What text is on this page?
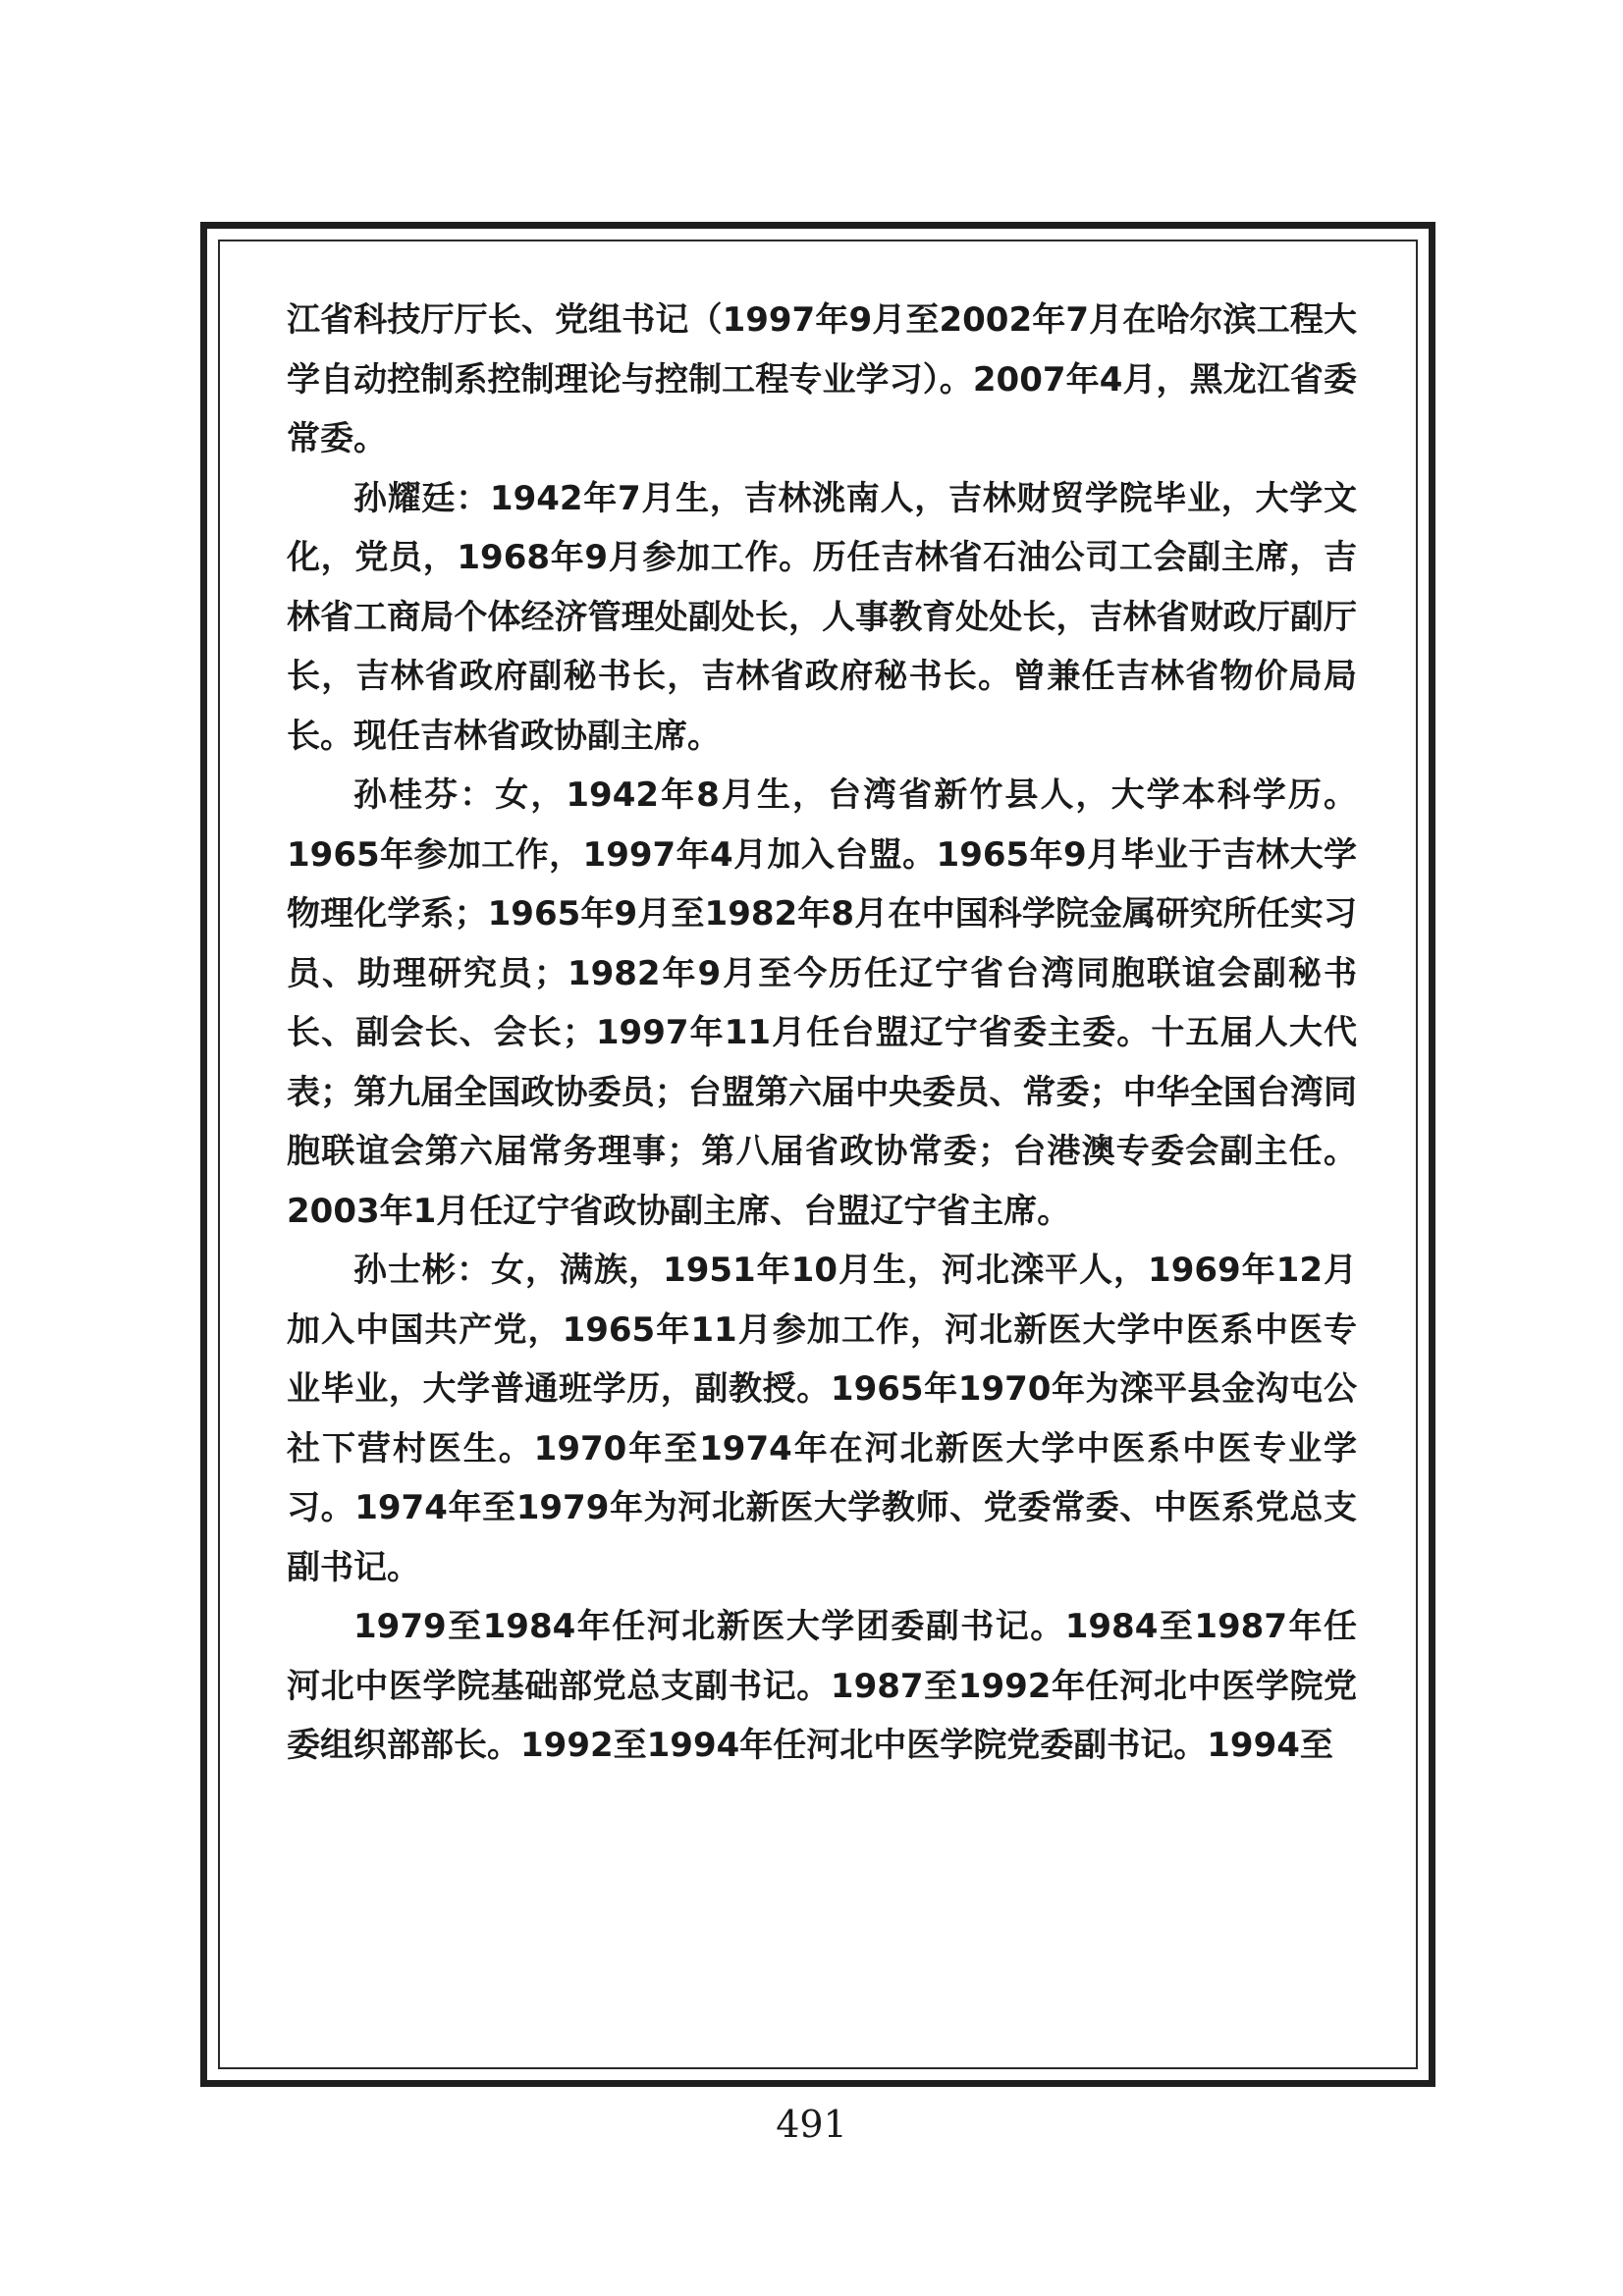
江省科技厅厅长、党组书记（1997年9月至2002年7月在哈尔滨工程大学自动控制系控制理论与控制工程专业学习）。2007年4月，黑龙江省委常委。

孙耀廷：1942年7月生，吉林洮南人，吉林财贸学院毕业，大学文化，党员，1968年9月参加工作。历任吉林省石油公司工会副主席，吉林省工商局个体经济管理处副处长，人事教育处处长，吉林省财政厅副厅长，吉林省政府副秘书长，吉林省政府秘书长。曾兼任吉林省物价局局长。现任吉林省政协副主席。

孙桂芬：女，1942年8月生，台湾省新竹县人，大学本科学历。1965年参加工作，1997年4月加入台盟。1965年9月毕业于吉林大学物理化学系；1965年9月至1982年8月在中国科学院金属研究所任实习员、助理研究员；1982年9月至今历任辽宁省台湾同胞联谊会副秘书长、副会长、会长；1997年11月任台盟辽宁省委主委。十五届人大代表；第九届全国政协委员；台盟第六届中央委员、常委；中华全国台湾同胞联谊会第六届常务理事；第八届省政协常委；台港澳专委会副主任。2003年1月任辽宁省政协副主席、台盟辽宁省主席。

孙士彬：女，满族，1951年10月生，河北滦平人，1969年12月加入中国共产党，1965年11月参加工作，河北新医大学中医系中医专业毕业，大学普通班学历，副教授。1965年1970年为滦平县金沟屯公社下营村医生。1970年至1974年在河北新医大学中医系中医专业学习。1974年至1979年为河北新医大学教师、党委常委、中医系党总支副书记。

1979至1984年任河北新医大学团委副书记。1984至1987年任河北中医学院基础部党总支副书记。1987至1992年任河北中医学院党委组织部部长。1992至1994年任河北中医学院党委副书记。1994至

491
